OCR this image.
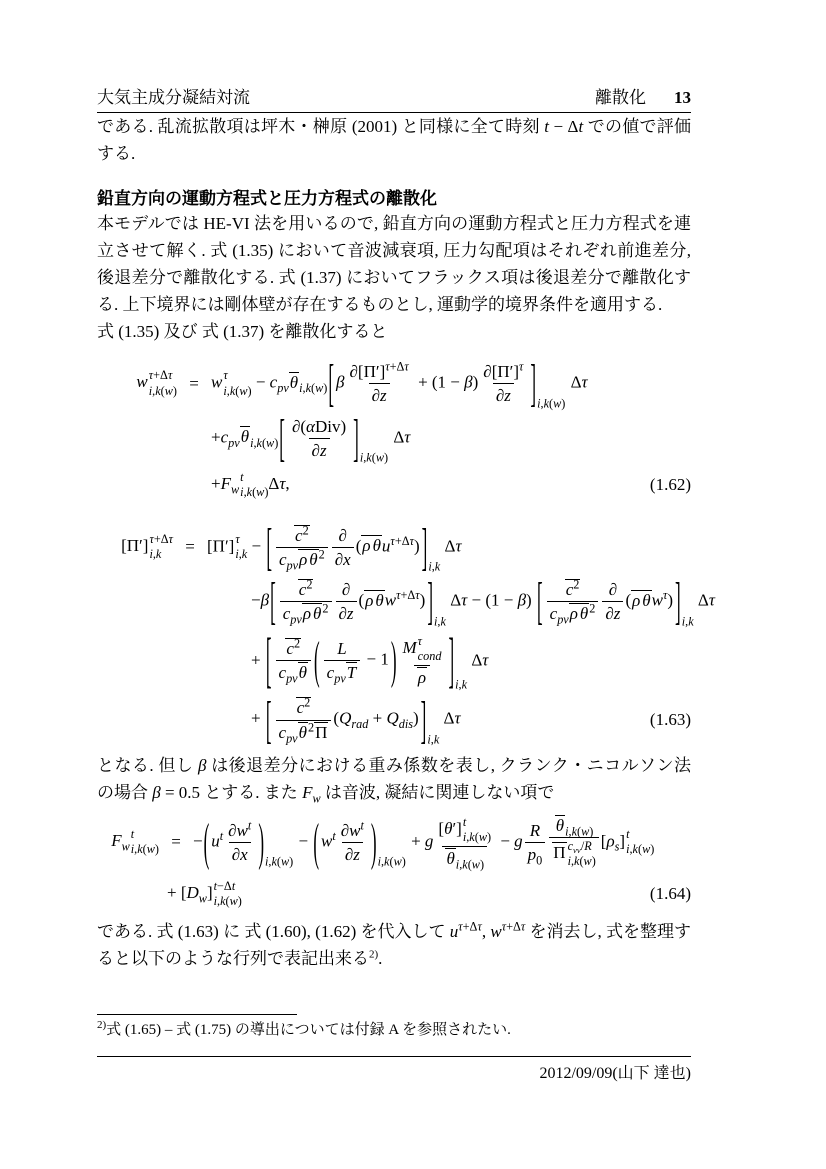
大気主成分凝結対流	離散化 13

である. 乱流拡散項は坪木・榊原 (2001) と同様に全て時刻 t − Δt での値で評価する.

鉛直方向の運動方程式と圧力方程式の離散化

本モデルでは HE-VI 法を用いるので, 鉛直方向の運動方程式と圧力方程式を連立させて解く. 式 (1.35) において音波減衰項, 圧力勾配項はそれぞれ前進差分, 後退差分で離散化する. 式 (1.37) においてフラックス項は後退差分で離散化する. 上下境界には剛体壁が存在するものとし, 運動学的境界条件を適用する.

式 (1.35) 及び 式 (1.37) を離散化すると

w τ+Δτ
i,k(w) = w τ
$i,k(w) - c_{pv}\theta_{i,k(w)}$ [ β $\frac{\partial[\Pi']^{\tau+\Delta\tau}}{\partial z} + (1 - \beta) \frac{\partial[\Pi']^\tau}{\partial z}$ ] i,k(w)
Δτ
$+c_{pv}\theta_{i,k(w)}$ [ ∂(αDiv)
∂z ] i,k(w)
Δτ
$+F_w$
t
i,k(w) Δτ,	(1.62)
[Π′] τ+Δτ
i,k	= [Π′] τ
i,k − [ $c^2$
$c_{pv}\rho$ $\theta^2$
∂
∂x
(ρ $\theta u^{\tau+\Delta\tau}$) ] i,k
Δτ
−β [ $c^2$
$c_{pv}\rho$ $\theta^2$
∂
∂z
(ρ $\theta w^{\tau+\Delta\tau}$) ] i,k
Δτ − (1 − β) [ $c^2$
$c_{pv}\rho$ $\theta^2$
∂
∂z
(ρ $\theta w^\tau$) ] i,k
Δτ
+ [ $c^2$
$c_{pv}\theta$ ( L
$c_{pv}T$
− 1 ) M τ
cond
ρ ] i,k
Δτ
+ [ $c^2$
$c_{pv}\theta^2\Pi$
$(Q_{rad} + Q_{dis})$ ] i,k
Δτ	(1.63)

となる. 但し β は後退差分における重み係数を表し, クランク・ニコルソン法の場合 β = 0.5 とする. また $F_w$ は音波, 凝結に関連しない項で

$F_w$
t
i,k(w) = − ( $u^t \frac{\partial w^t}{\partial x}$ ) i,k(w)
− ( $w^t \frac{\partial w^t}{\partial z}$ ) i,k(w)
+ g [θ′] t
i,k(w)
$\theta_{i,k(w)} - g \frac{R}{p_0} \theta_{i,k(w)}$
Π $c_{vv}/R$
i,k(w)
$[\rho_s]$ t
i,k(w)
+ $[D_w]$ t−Δt
i,k(w)	(1.64)

である. 式 (1.63) に 式 (1.60), (1.62) を代入して $u^{\tau+\Delta\tau}$, $w^{\tau+\Delta\tau}$ を消去し, 式を整理すると以下のような行列で表記出来る$^{2)}$.

$^{2)}$式 (1.65) – 式 (1.75) の導出については付録 A を参照されたい.
2012/09/09(山下 達也)
